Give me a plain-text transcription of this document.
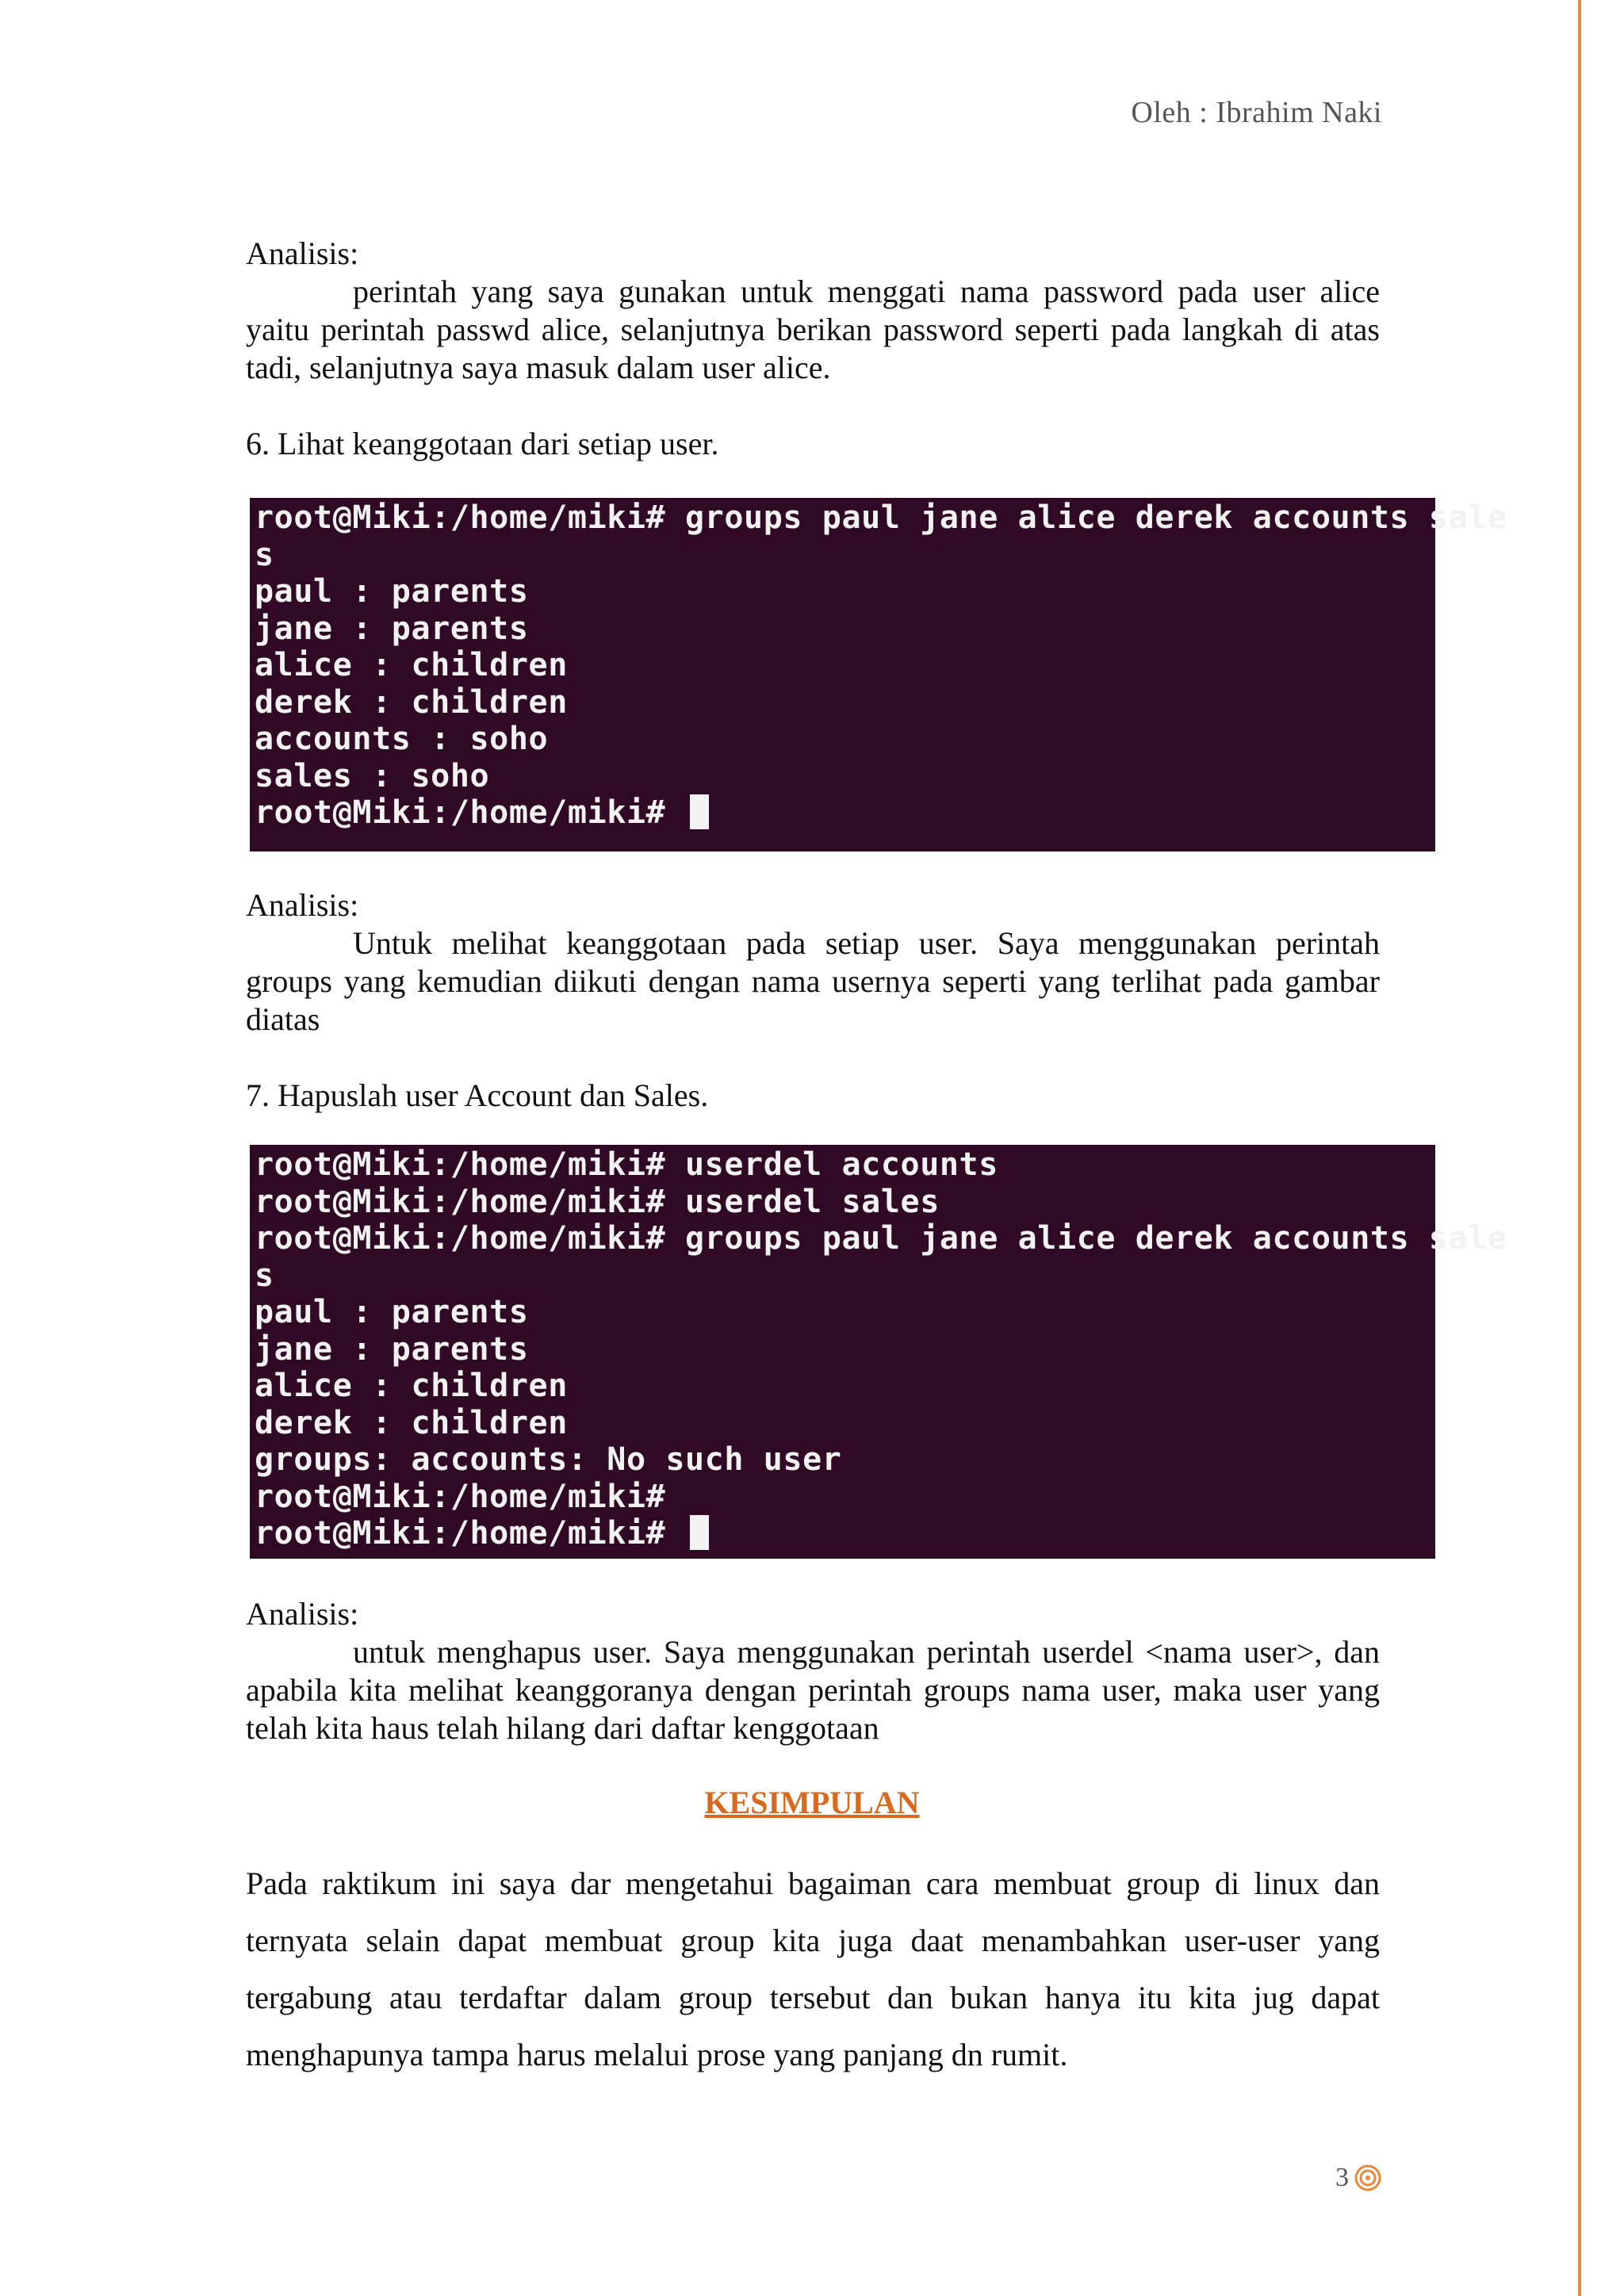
Oleh : Ibrahim Naki

Analisis:

perintah yang saya gunakan untuk menggati nama password pada user alice yaitu perintah passwd alice, selanjutnya berikan password seperti pada langkah di atas tadi, selanjutnya saya masuk dalam user alice.

6. Lihat keanggotaan dari setiap user.

root@Miki:/home/miki# groups paul jane alice derek accounts sale
s
paul : parents
jane : parents
alice : children
derek : children
accounts : soho
sales : soho
root@Miki:/home/miki#

Analisis:

Untuk melihat keanggotaan pada setiap user. Saya menggunakan perintah groups yang kemudian diikuti dengan nama usernya seperti yang terlihat pada gambar diatas

7. Hapuslah user Account dan Sales.

root@Miki:/home/miki# userdel accounts
root@Miki:/home/miki# userdel sales
root@Miki:/home/miki# groups paul jane alice derek accounts sale
s
paul : parents
jane : parents
alice : children
derek : children
groups: accounts: No such user
root@Miki:/home/miki#
root@Miki:/home/miki#

Analisis:

untuk menghapus user. Saya menggunakan perintah userdel <nama user>, dan apabila kita melihat keanggoranya dengan perintah groups nama user, maka user yang telah kita haus telah hilang dari daftar kenggotaan

KESIMPULAN

Pada raktikum ini saya dar mengetahui bagaiman cara membuat group di linux dan ternyata selain dapat membuat group kita juga daat menambahkan user-user yang tergabung atau terdaftar dalam group tersebut dan bukan hanya itu kita jug dapat menghapunya tampa harus melalui prose yang panjang dn rumit.

3
